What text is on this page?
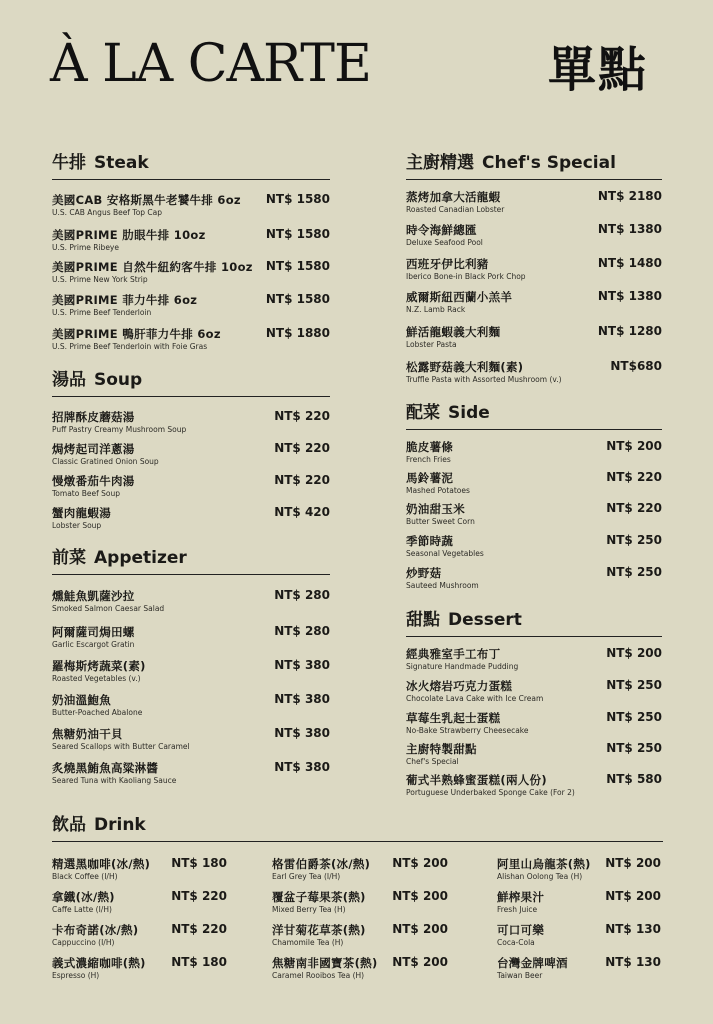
À LA CARTE	單點
牛排 Steak
美國CAB 安格斯黑牛老饕牛排 6oz
U.S. CAB Angus Beef Top Cap
NT$ 1580
美國PRIME 肋眼牛排 10oz
U.S. Prime Ribeye
NT$ 1580
美國PRIME 自然牛紐約客牛排 10oz
U.S. Prime New York Strip
NT$ 1580
美國PRIME 菲力牛排 6oz
U.S. Prime Beef Tenderloin
NT$ 1580
美國PRIME 鴨肝菲力牛排 6oz
U.S. Prime Beef Tenderloin with Foie Gras
NT$ 1880
湯品 Soup
招牌酥皮蘑菇湯
Puff Pastry Creamy Mushroom Soup
NT$ 220
焗烤起司洋蔥湯
Classic Gratined Onion Soup
NT$ 220
慢燉番茄牛肉湯
Tomato Beef Soup
NT$ 220
蟹肉龍蝦湯
Lobster Soup
NT$ 420
前菜 Appetizer
燻鮭魚凱薩沙拉
Smoked Salmon Caesar Salad
NT$ 280
阿爾薩司焗田螺
Garlic Escargot Gratin
NT$ 280
羅梅斯烤蔬菜(素)
Roasted Vegetables (v.)
NT$ 380
奶油溫鮑魚
Butter-Poached Abalone
NT$ 380
焦糖奶油干貝
Seared Scallops with Butter Caramel
NT$ 380
炙燒黑鮪魚高粱淋醬
Seared Tuna with Kaoliang Sauce
NT$ 380
主廚精選 Chef's Special
蒸烤加拿大活龍蝦
Roasted Canadian Lobster
NT$ 2180
時令海鮮總匯
Deluxe Seafood Pool
NT$ 1380
西班牙伊比利豬
Iberico Bone-in Black Pork Chop
NT$ 1480
威爾斯紐西蘭小羔羊
N.Z. Lamb Rack
NT$ 1380
鮮活龍蝦義大利麵
Lobster Pasta
NT$ 1280
松露野菇義大利麵(素)
Truffle Pasta with Assorted Mushroom (v.)
NT$680
配菜 Side
脆皮薯條
French Fries
NT$ 200
馬鈴薯泥
Mashed Potatoes
NT$ 220
奶油甜玉米
Butter Sweet Corn
NT$ 220
季節時蔬
Seasonal Vegetables
NT$ 250
炒野菇
Sauteed Mushroom
NT$ 250
甜點 Dessert
經典雅室手工布丁
Signature Handmade Pudding
NT$ 200
冰火熔岩巧克力蛋糕
Chocolate Lava Cake with Ice Cream
NT$ 250
草莓生乳起士蛋糕
No-Bake Strawberry Cheesecake
NT$ 250
主廚特製甜點
Chef's Special
NT$ 250
葡式半熟蜂蜜蛋糕(兩人份)
Portuguese Underbaked Sponge Cake (For 2)
NT$ 580
飲品 Drink
精選黑咖啡(冰/熱)
Black Coffee (I/H)
NT$ 180
拿鐵(冰/熱)
Caffe Latte (I/H)
NT$ 220
卡布奇諾(冰/熱)
Cappuccino (I/H)
NT$ 220
義式濃縮咖啡(熱)
Espresso (H)
NT$ 180
格雷伯爵茶(冰/熱)
Earl Grey Tea (I/H)
NT$ 200
覆盆子莓果茶(熱)
Mixed Berry Tea (H)
NT$ 200
洋甘菊花草茶(熱)
Chamomile Tea (H)
NT$ 200
焦糖南非國寶茶(熱)
Caramel Rooibos Tea (H)
NT$ 200
阿里山烏龍茶(熱)
Alishan Oolong Tea (H)
NT$ 200
鮮榨果汁
Fresh Juice
NT$ 200
可口可樂
Coca-Cola
NT$ 130
台灣金牌啤酒
Taiwan Beer
NT$ 130
